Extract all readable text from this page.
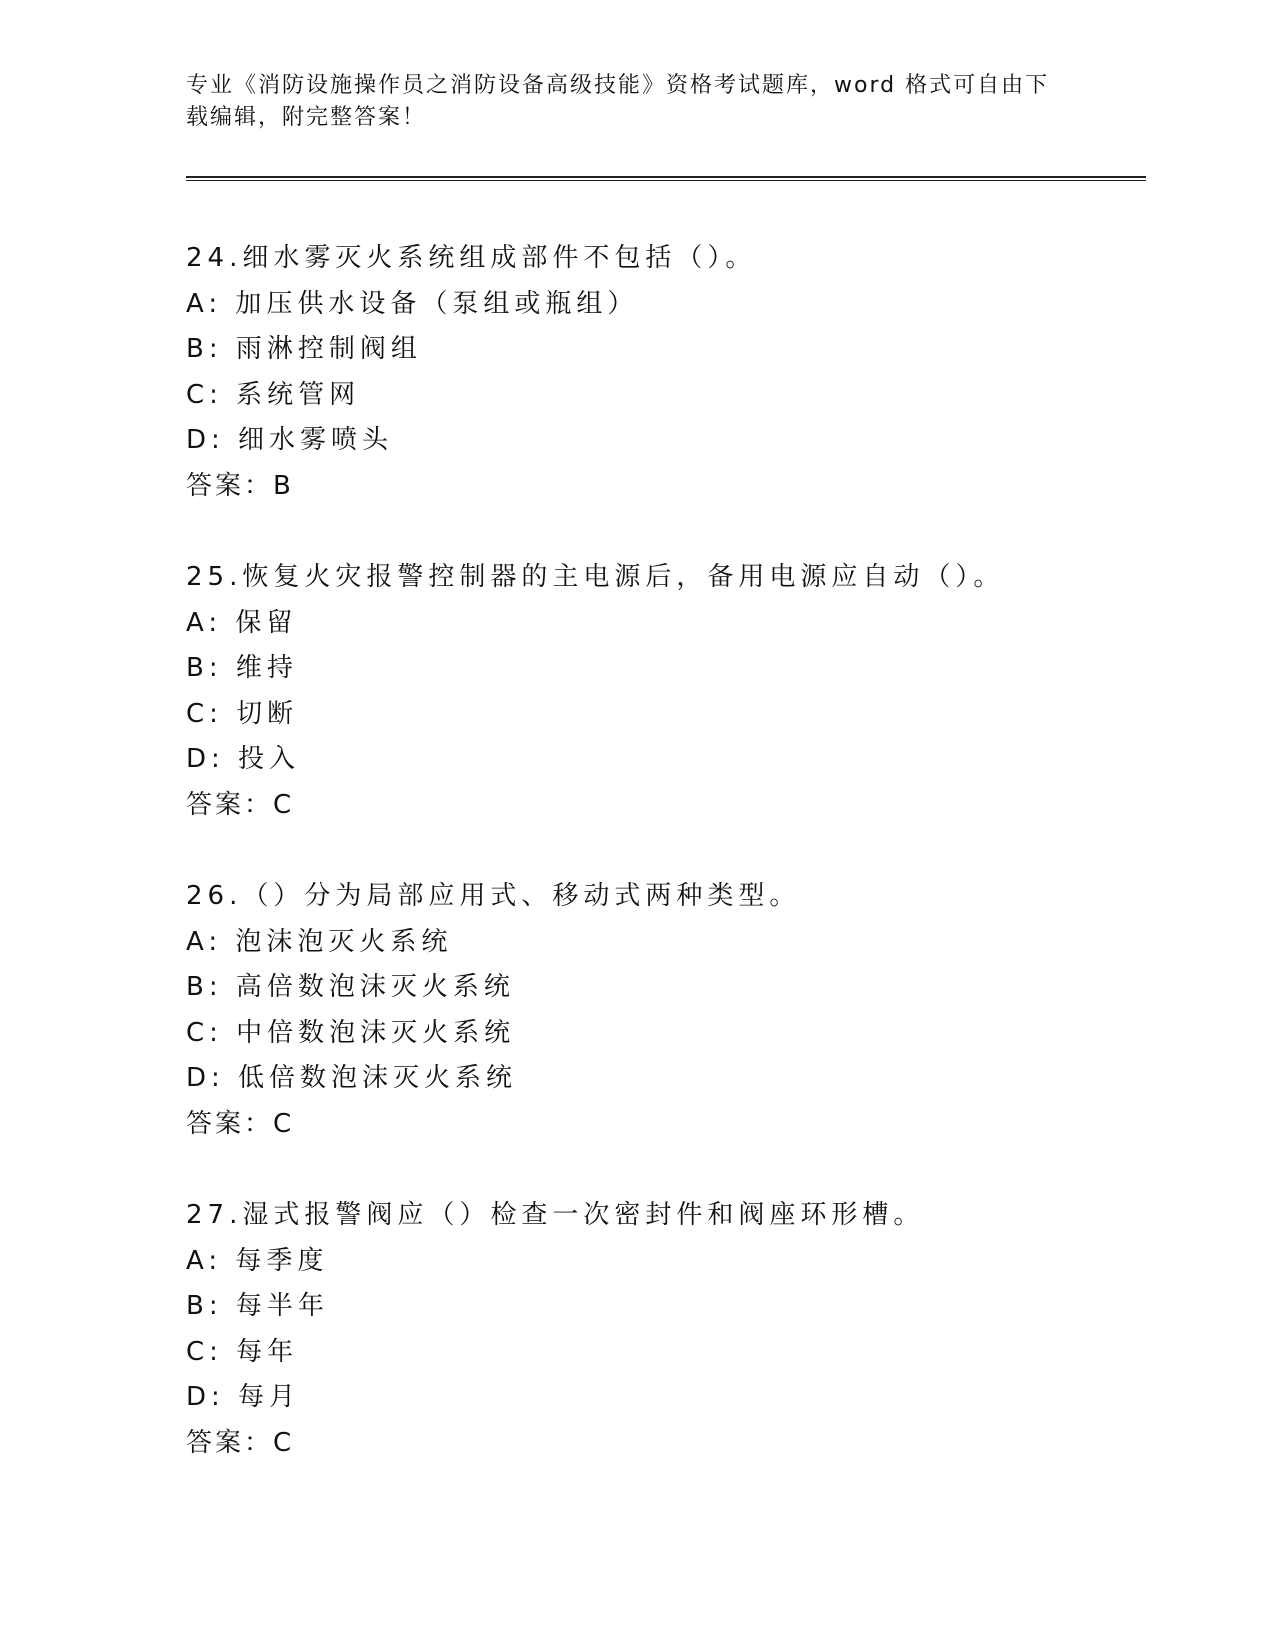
专业《消防设施操作员之消防设备高级技能》资格考试题库，word 格式可自由下载编辑，附完整答案！

24.细水雾灭火系统组成部件不包括（）。
A: 加压供水设备（泵组或瓶组）
B: 雨淋控制阀组
C: 系统管网
D: 细水雾喷头
答案：B
25.恢复火灾报警控制器的主电源后，备用电源应自动（）。
A: 保留
B: 维持
C: 切断
D: 投入
答案：C
26.（）分为局部应用式、移动式两种类型。
A: 泡沫泡灭火系统
B: 高倍数泡沫灭火系统
C: 中倍数泡沫灭火系统
D: 低倍数泡沫灭火系统
答案：C
27.湿式报警阀应（）检查一次密封件和阀座环形槽。
A: 每季度
B: 每半年
C: 每年
D: 每月
答案：C
